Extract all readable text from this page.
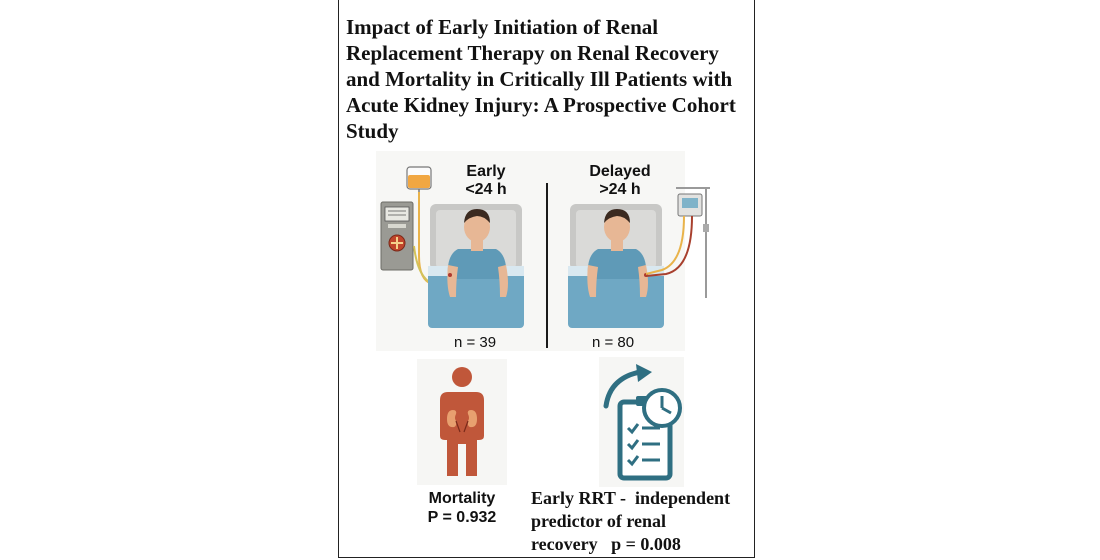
Impact of Early Initiation of Renal Replacement Therapy on Renal Recovery and Mortality in Critically Ill Patients with Acute Kidney Injury: A Prospective Cohort Study
Early
<24 h
Delayed
>24 h
n = 39	n = 80
Mortality
P = 0.932
Early RRT -  independent
predictor of renal
recovery p = 0.008
